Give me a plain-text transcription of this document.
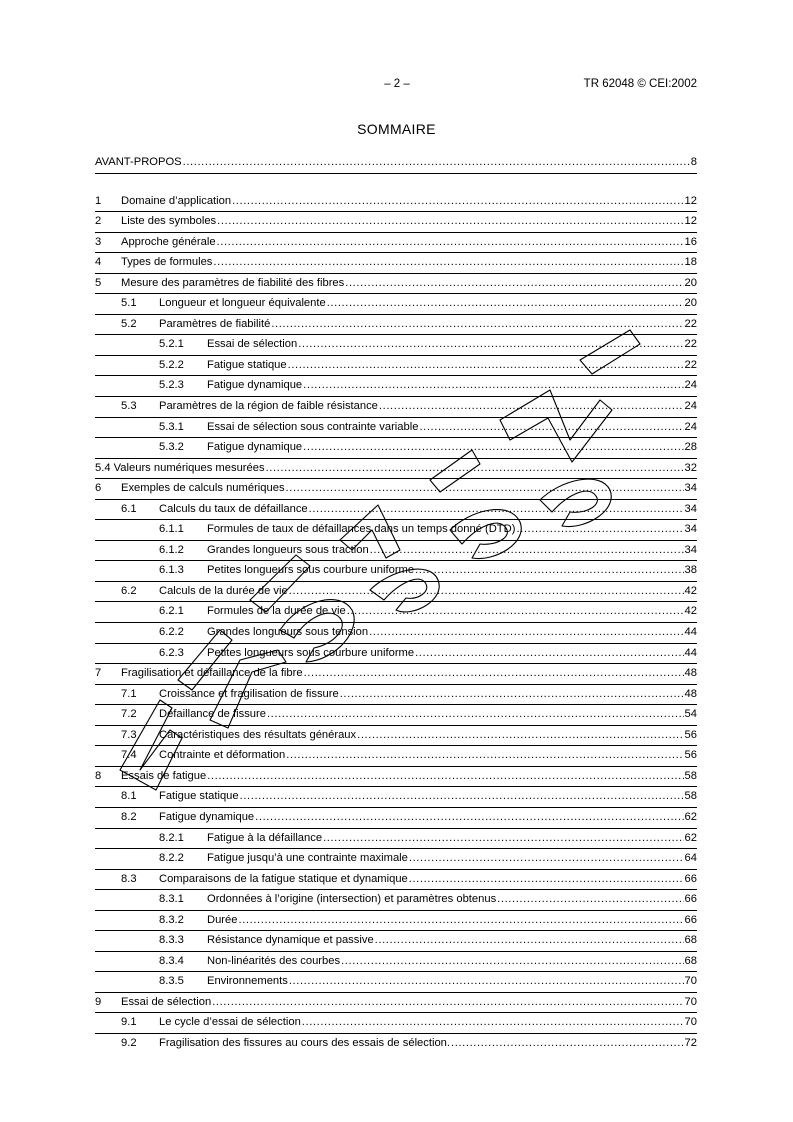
– 2 –	TR 62048 © CEI:2002
SOMMAIRE
AVANT-PROPOS .....	8
1 Domaine d’application .....	12
2 Liste des symboles .....	12
3 Approche générale .....	16
4 Types de formules .....	18
5 Mesure des paramètres de fiabilité des fibres .....	20
5.1 Longueur et longueur équivalente .....	20
5.2 Paramètres de fiabilité .....	22
5.2.1 Essai de sélection .....	22
5.2.2 Fatigue statique .....	22
5.2.3 Fatigue dynamique .....	24
5.3 Paramètres de la région de faible résistance .....	24
5.3.1 Essai de sélection sous contrainte variable .....	24
5.3.2 Fatigue dynamique .....	28
5.4 Valeurs numériques mesurées .....	32
6 Exemples de calculs numériques .....	34
6.1 Calculs du taux de défaillance .....	34
6.1.1 Formules de taux de défaillances dans un temps donné (DTD) .....	34
6.1.2 Grandes longueurs sous traction .....	34
6.1.3 Petites longueurs sous courbure uniforme .....	38
6.2 Calculs de la durée de vie .....	42
6.2.1 Formules de la durée de vie .....	42
6.2.2 Grandes longueurs sous tension .....	44
6.2.3 Petites longueurs sous courbure uniforme .....	44
7 Fragilisation et défaillance de la fibre .....	48
7.1 Croissance et fragilisation de fissure .....	48
7.2 Défaillance de fissure .....	54
7.3 Caractéristiques des résultats généraux .....	56
7.4 Contrainte et déformation .....	56
8 Essais de fatigue .....	58
8.1 Fatigue statique .....	58
8.2 Fatigue dynamique .....	62
8.2.1 Fatigue à la défaillance .....	62
8.2.2 Fatigue jusqu’à une contrainte maximale .....	64
8.3 Comparaisons de la fatigue statique et dynamique .....	66
8.3.1 Ordonnées à l’origine (intersection) et paramètres obtenus .....	66
8.3.2 Durée .....	66
8.3.3 Résistance dynamique et passive .....	68
8.3.4 Non-linéarités des courbes .....	68
8.3.5 Environnements .....	70
9 Essai de sélection .....	70
9.1 Le cycle d’essai de sélection .....	70
9.2 Fragilisation des fissures au cours des essais de sélection. .....	72
